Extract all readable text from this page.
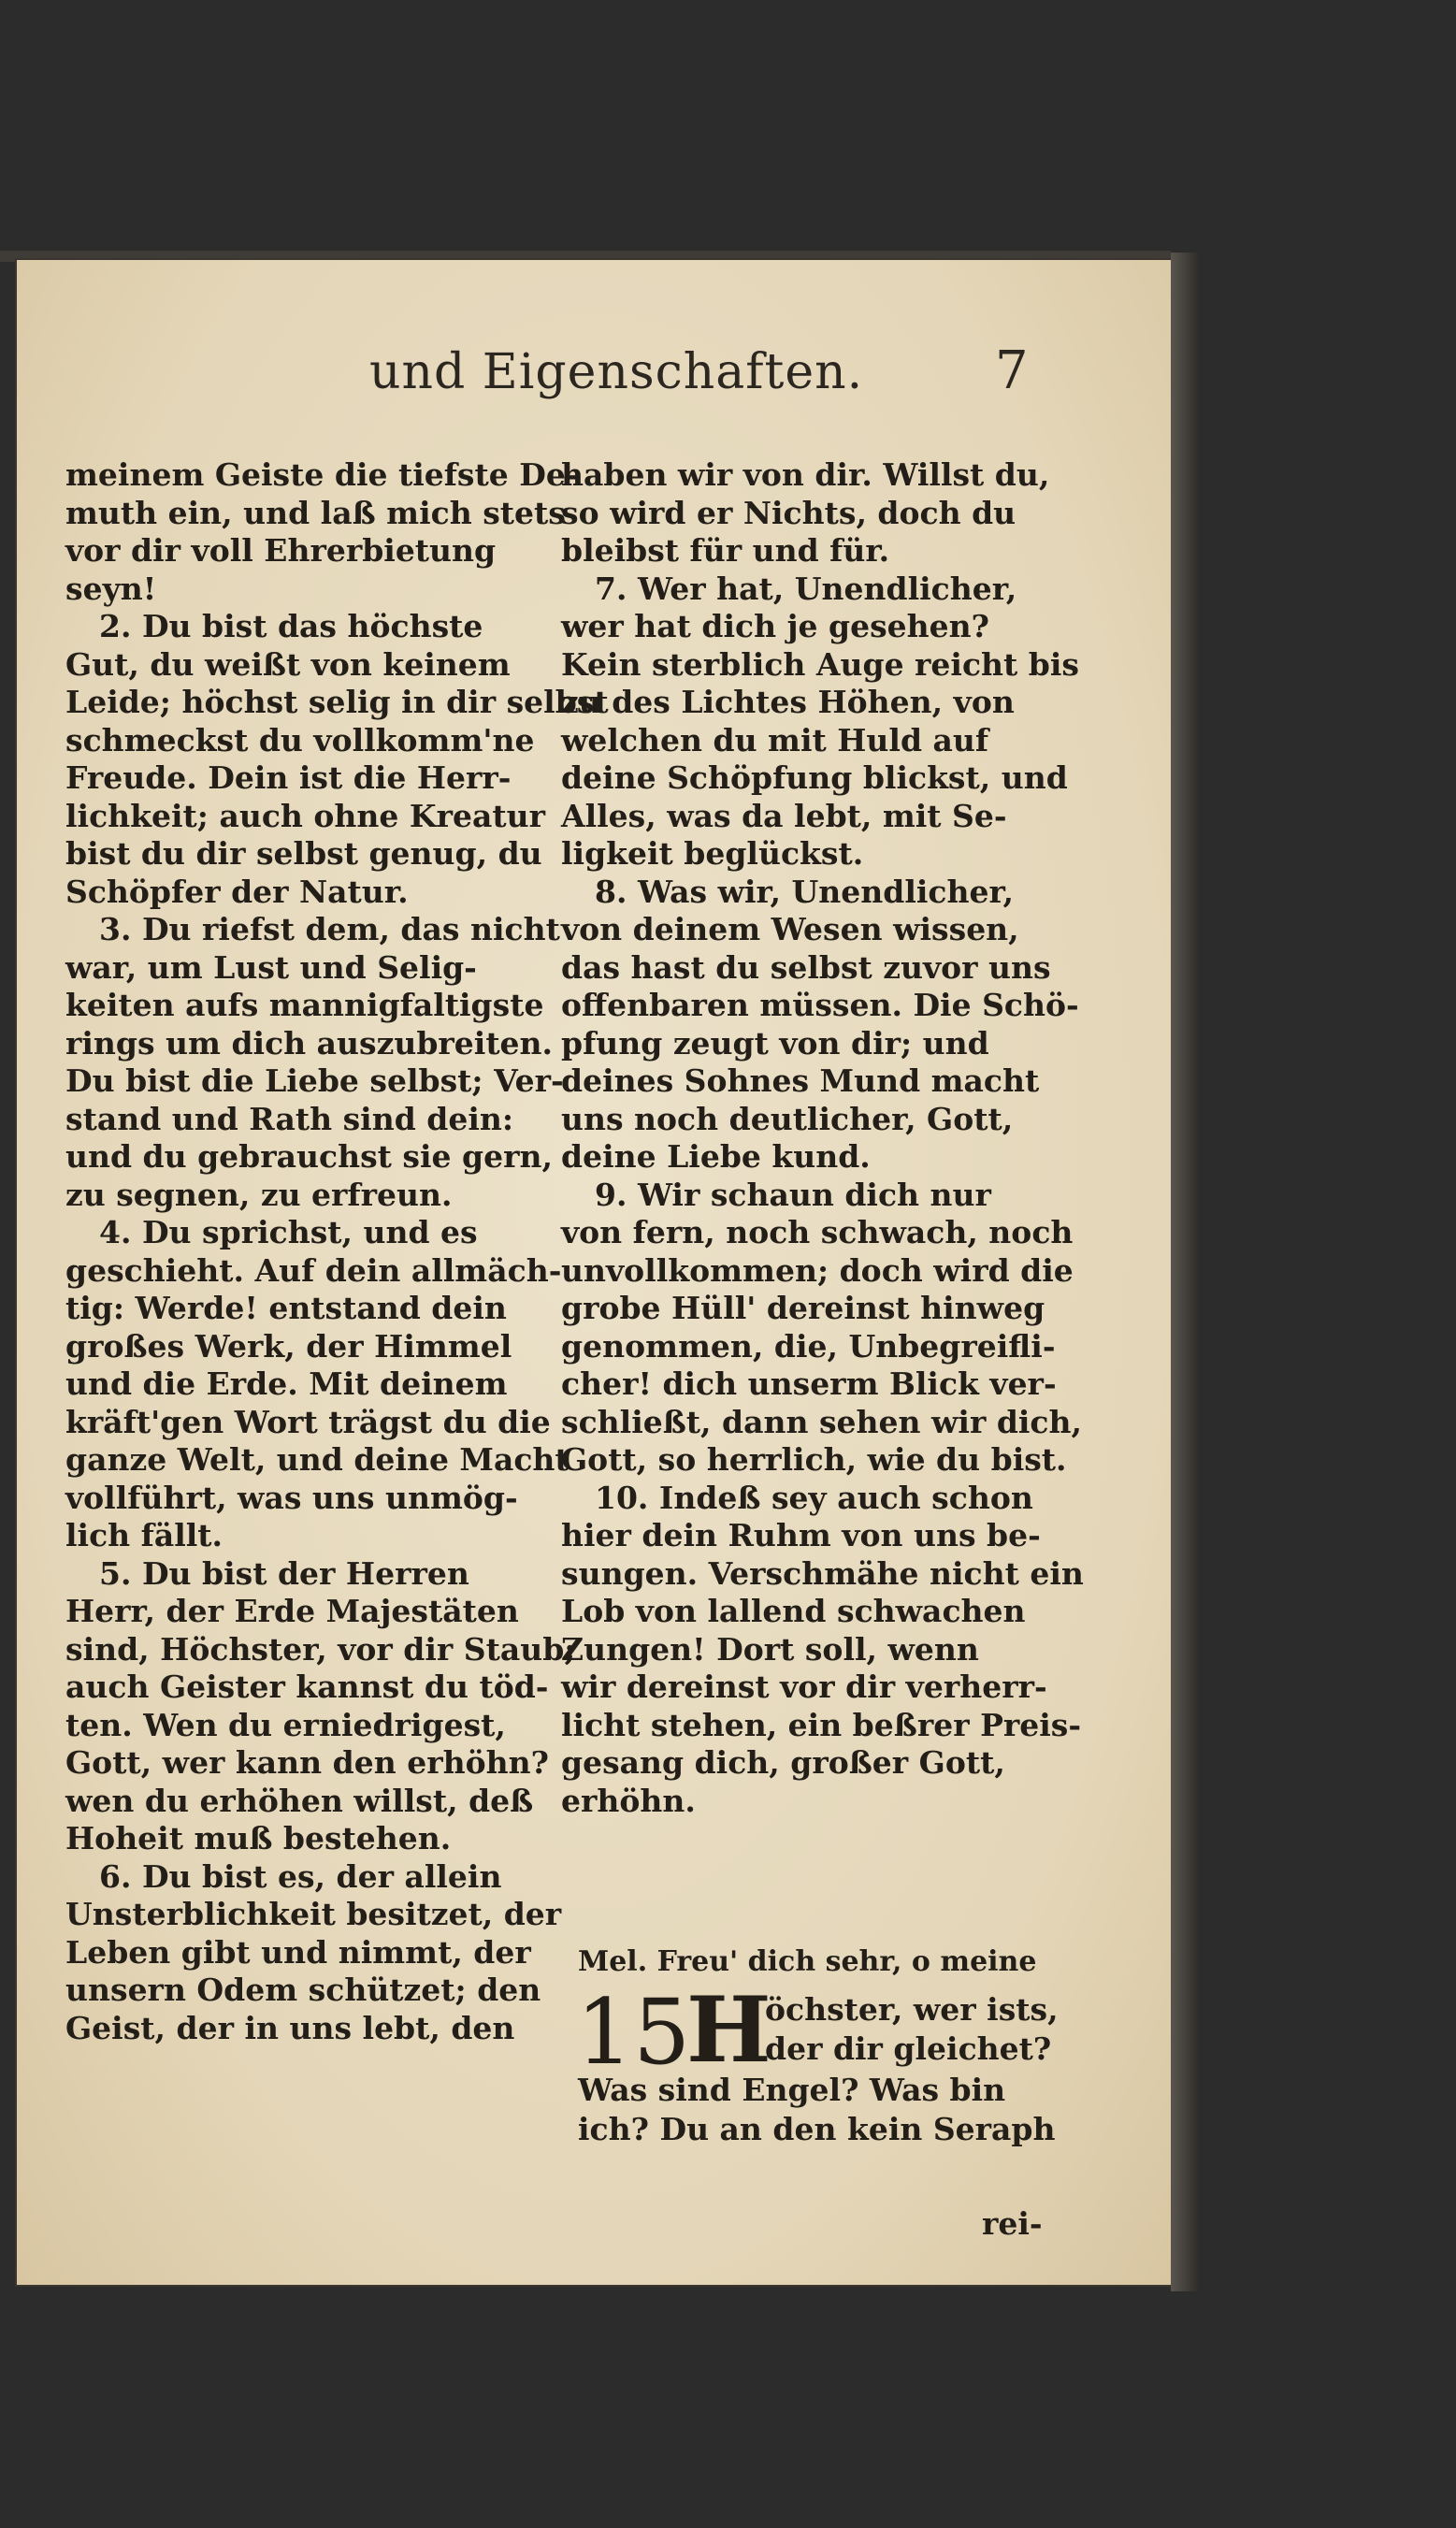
und Eigenschaften.	7
meinem Geiste die tiefste De-
muth ein, und laß mich stets
vor dir voll Ehrerbietung
seyn!
2. Du bist das höchste
Gut, du weißt von keinem
Leide; höchst selig in dir selbst
schmeckst du vollkomm'ne
Freude. Dein ist die Herr-
lichkeit; auch ohne Kreatur
bist du dir selbst genug, du
Schöpfer der Natur.
3. Du riefst dem, das nicht
war, um Lust und Selig-
keiten aufs mannigfaltigste
rings um dich auszubreiten.
Du bist die Liebe selbst; Ver-
stand und Rath sind dein:
und du gebrauchst sie gern,
zu segnen, zu erfreun.
4. Du sprichst, und es
geschieht. Auf dein allmäch-
tig: Werde! entstand dein
großes Werk, der Himmel
und die Erde. Mit deinem
kräft'gen Wort trägst du die
ganze Welt, und deine Macht
vollführt, was uns unmög-
lich fällt.
5. Du bist der Herren
Herr, der Erde Majestäten
sind, Höchster, vor dir Staub;
auch Geister kannst du töd-
ten. Wen du erniedrigest,
Gott, wer kann den erhöhn?
wen du erhöhen willst, deß
Hoheit muß bestehen.
6. Du bist es, der allein
Unsterblichkeit besitzet, der
Leben gibt und nimmt, der
unsern Odem schützet; den
Geist, der in uns lebt, den
haben wir von dir. Willst du,
so wird er Nichts, doch du
bleibst für und für.
7. Wer hat, Unendlicher,
wer hat dich je gesehen?
Kein sterblich Auge reicht bis
zu des Lichtes Höhen, von
welchen du mit Huld auf
deine Schöpfung blickst, und
Alles, was da lebt, mit Se-
ligkeit beglückst.
8. Was wir, Unendlicher,
von deinem Wesen wissen,
das hast du selbst zuvor uns
offenbaren müssen. Die Schö-
pfung zeugt von dir; und
deines Sohnes Mund macht
uns noch deutlicher, Gott,
deine Liebe kund.
9. Wir schaun dich nur
von fern, noch schwach, noch
unvollkommen; doch wird die
grobe Hüll' dereinst hinweg
genommen, die, Unbegreifli-
cher! dich unserm Blick ver-
schließt, dann sehen wir dich,
Gott, so herrlich, wie du bist.
10. Indeß sey auch schon
hier dein Ruhm von uns be-
sungen. Verschmähe nicht ein
Lob von lallend schwachen
Zungen! Dort soll, wenn
wir dereinst vor dir verherr-
licht stehen, ein beßrer Preis-
gesang dich, großer Gott,
erhöhn.
Mel. Freu' dich sehr, o meine
15
H
öchster, wer ists,
der dir gleichet?
Was sind Engel? Was bin
ich? Du an den kein Seraph
rei-
